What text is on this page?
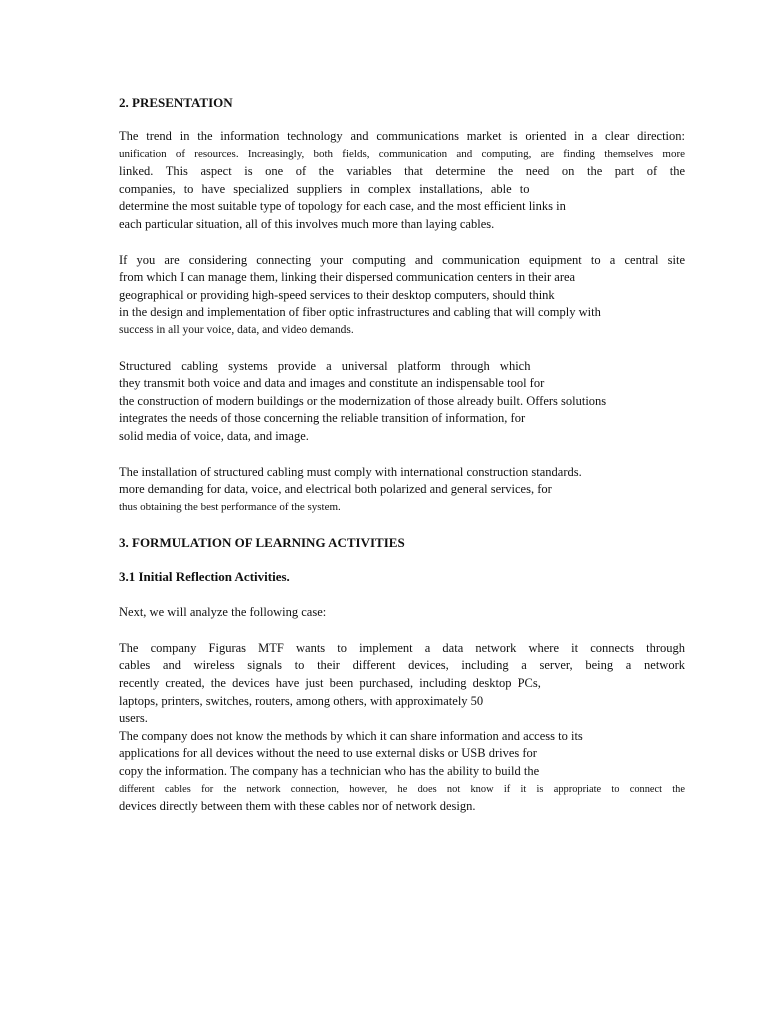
2. PRESENTATION
The trend in the information technology and communications market is oriented in a clear direction:
unification of resources. Increasingly, both fields, communication and computing, are finding themselves more
linked. This aspect is one of the variables that determine the need on the part of the
companies, to have specialized suppliers in complex installations, able to
determine the most suitable type of topology for each case, and the most efficient links in
each particular situation, all of this involves much more than laying cables.
If you are considering connecting your computing and communication equipment to a central site
from which I can manage them, linking their dispersed communication centers in their area
geographical or providing high-speed services to their desktop computers, should think
in the design and implementation of fiber optic infrastructures and cabling that will comply with
success in all your voice, data, and video demands.
Structured cabling systems provide a universal platform through which
they transmit both voice and data and images and constitute an indispensable tool for
the construction of modern buildings or the modernization of those already built. Offers solutions
integrates the needs of those concerning the reliable transition of information, for
solid media of voice, data, and image.
The installation of structured cabling must comply with international construction standards.
more demanding for data, voice, and electrical both polarized and general services, for
thus obtaining the best performance of the system.
3. FORMULATION OF LEARNING ACTIVITIES
3.1 Initial Reflection Activities.
Next, we will analyze the following case:
The company Figuras MTF wants to implement a data network where it connects through
cables and wireless signals to their different devices, including a server, being a network
recently created, the devices have just been purchased, including desktop PCs,
laptops, printers, switches, routers, among others, with approximately 50
users.
The company does not know the methods by which it can share information and access to its
applications for all devices without the need to use external disks or USB drives for
copy the information. The company has a technician who has the ability to build the
different cables for the network connection, however, he does not know if it is appropriate to connect the
devices directly between them with these cables nor of network design.
